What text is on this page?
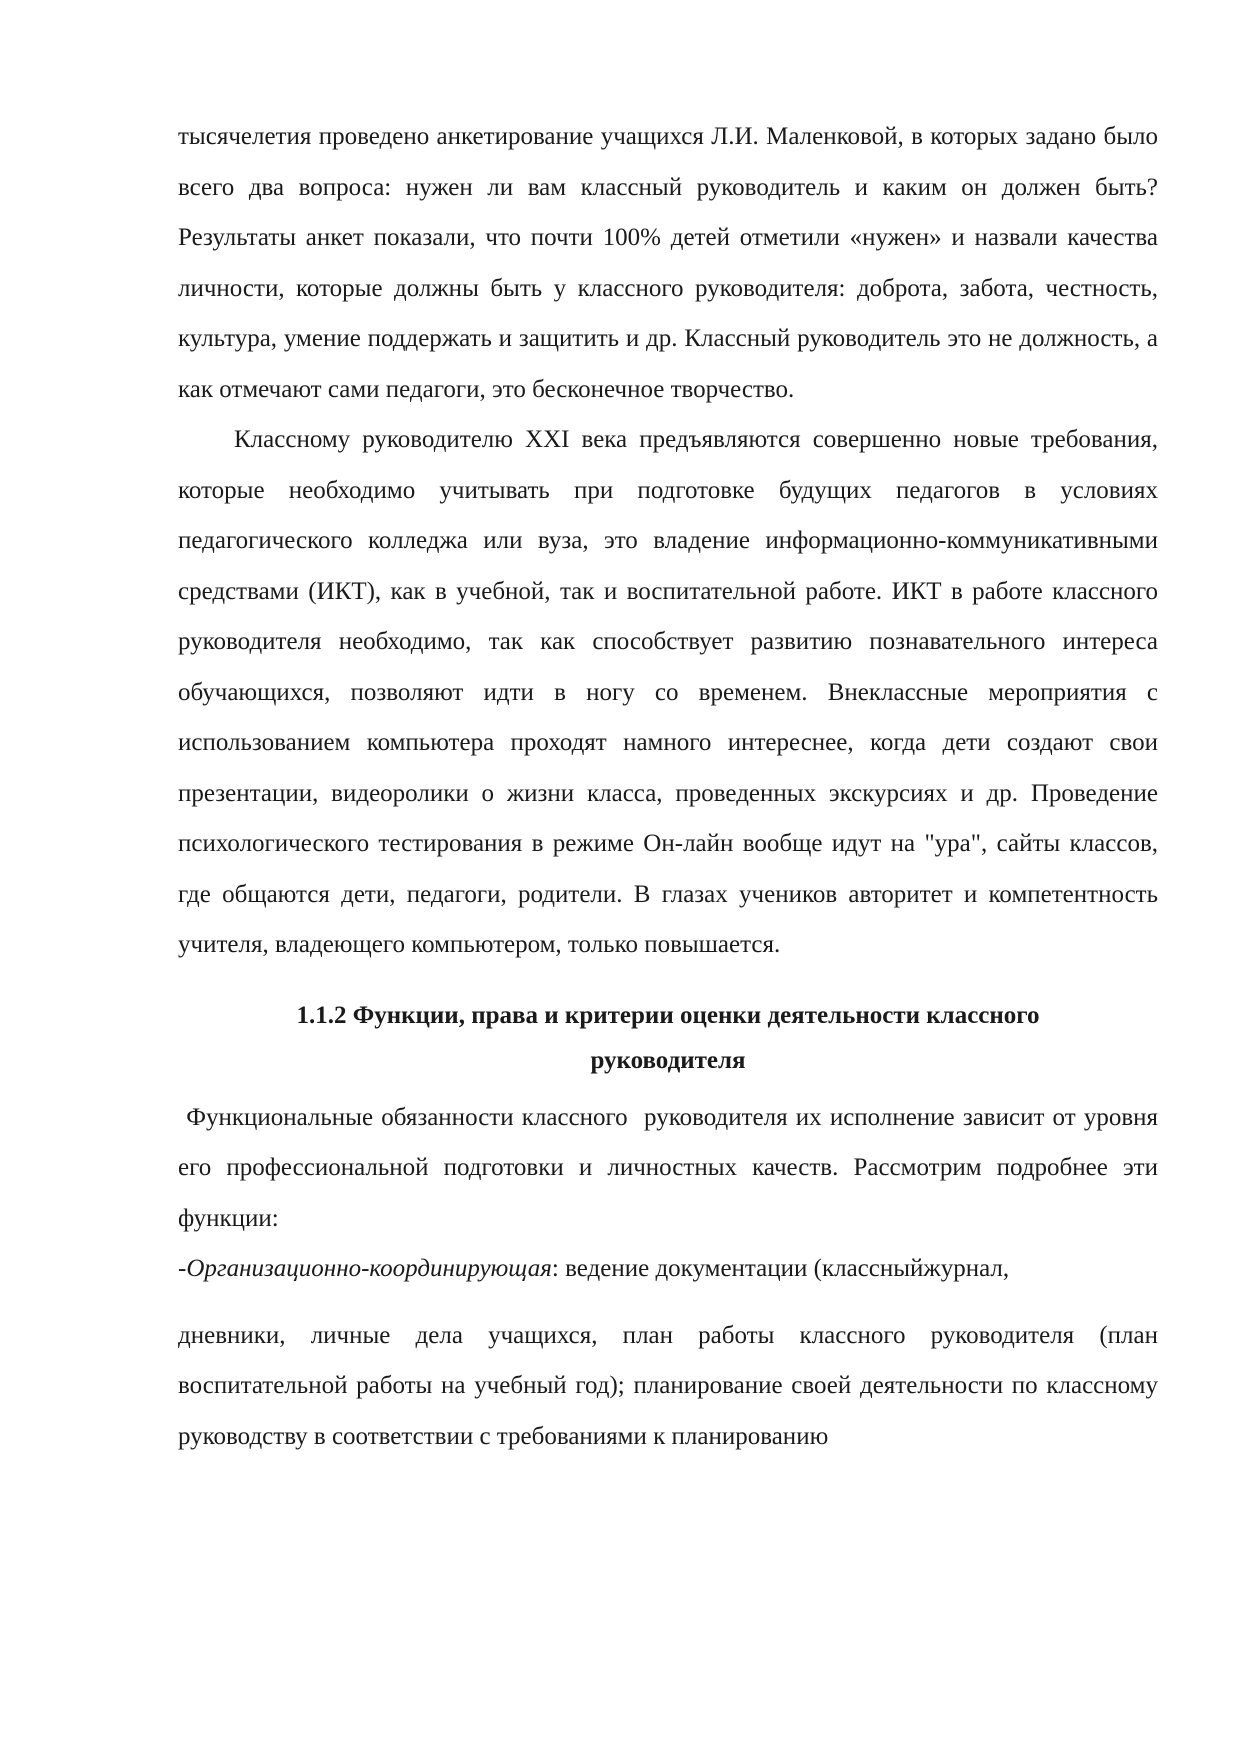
тысячелетия проведено анкетирование учащихся Л.И. Маленковой, в которых задано было всего два вопроса: нужен ли вам классный руководитель и каким он должен быть? Результаты анкет показали, что почти 100% детей отметили «нужен» и назвали качества личности, которые должны быть у классного руководителя: доброта, забота, честность, культура, умение поддержать и защитить и др. Классный руководитель это не должность, а как отмечают сами педагоги, это бесконечное творчество.

Классному руководителю XXI века предъявляются совершенно новые требования, которые необходимо учитывать при подготовке будущих педагогов в условиях педагогического колледжа или вуза, это владение информационно-коммуникативными средствами (ИКТ), как в учебной, так и воспитательной работе. ИКТ в работе классного руководителя необходимо, так как способствует развитию познавательного интереса обучающихся, позволяют идти в ногу со временем. Внеклассные мероприятия с использованием компьютера проходят намного интереснее, когда дети создают свои презентации, видеоролики о жизни класса, проведенных экскурсиях и др. Проведение психологического тестирования в режиме Он-лайн вообще идут на "ура", сайты классов, где общаются дети, педагоги, родители. В глазах учеников авторитет и компетентность учителя, владеющего компьютером, только повышается.

1.1.2 Функции, права и критерии оценки деятельности классного
руководителя

Функциональные обязанности классного  руководителя их исполнение зависит от уровня его профессиональной подготовки и личностных качеств. Рассмотрим подробнее эти функции:

-Организационно-координирующая: ведение документации (классныйжурнал,

дневники, личные дела учащихся, план работы классного руководителя (план воспитательной работы на учебный год); планирование своей деятельности по классному руководству в соответствии с требованиями к планированию
